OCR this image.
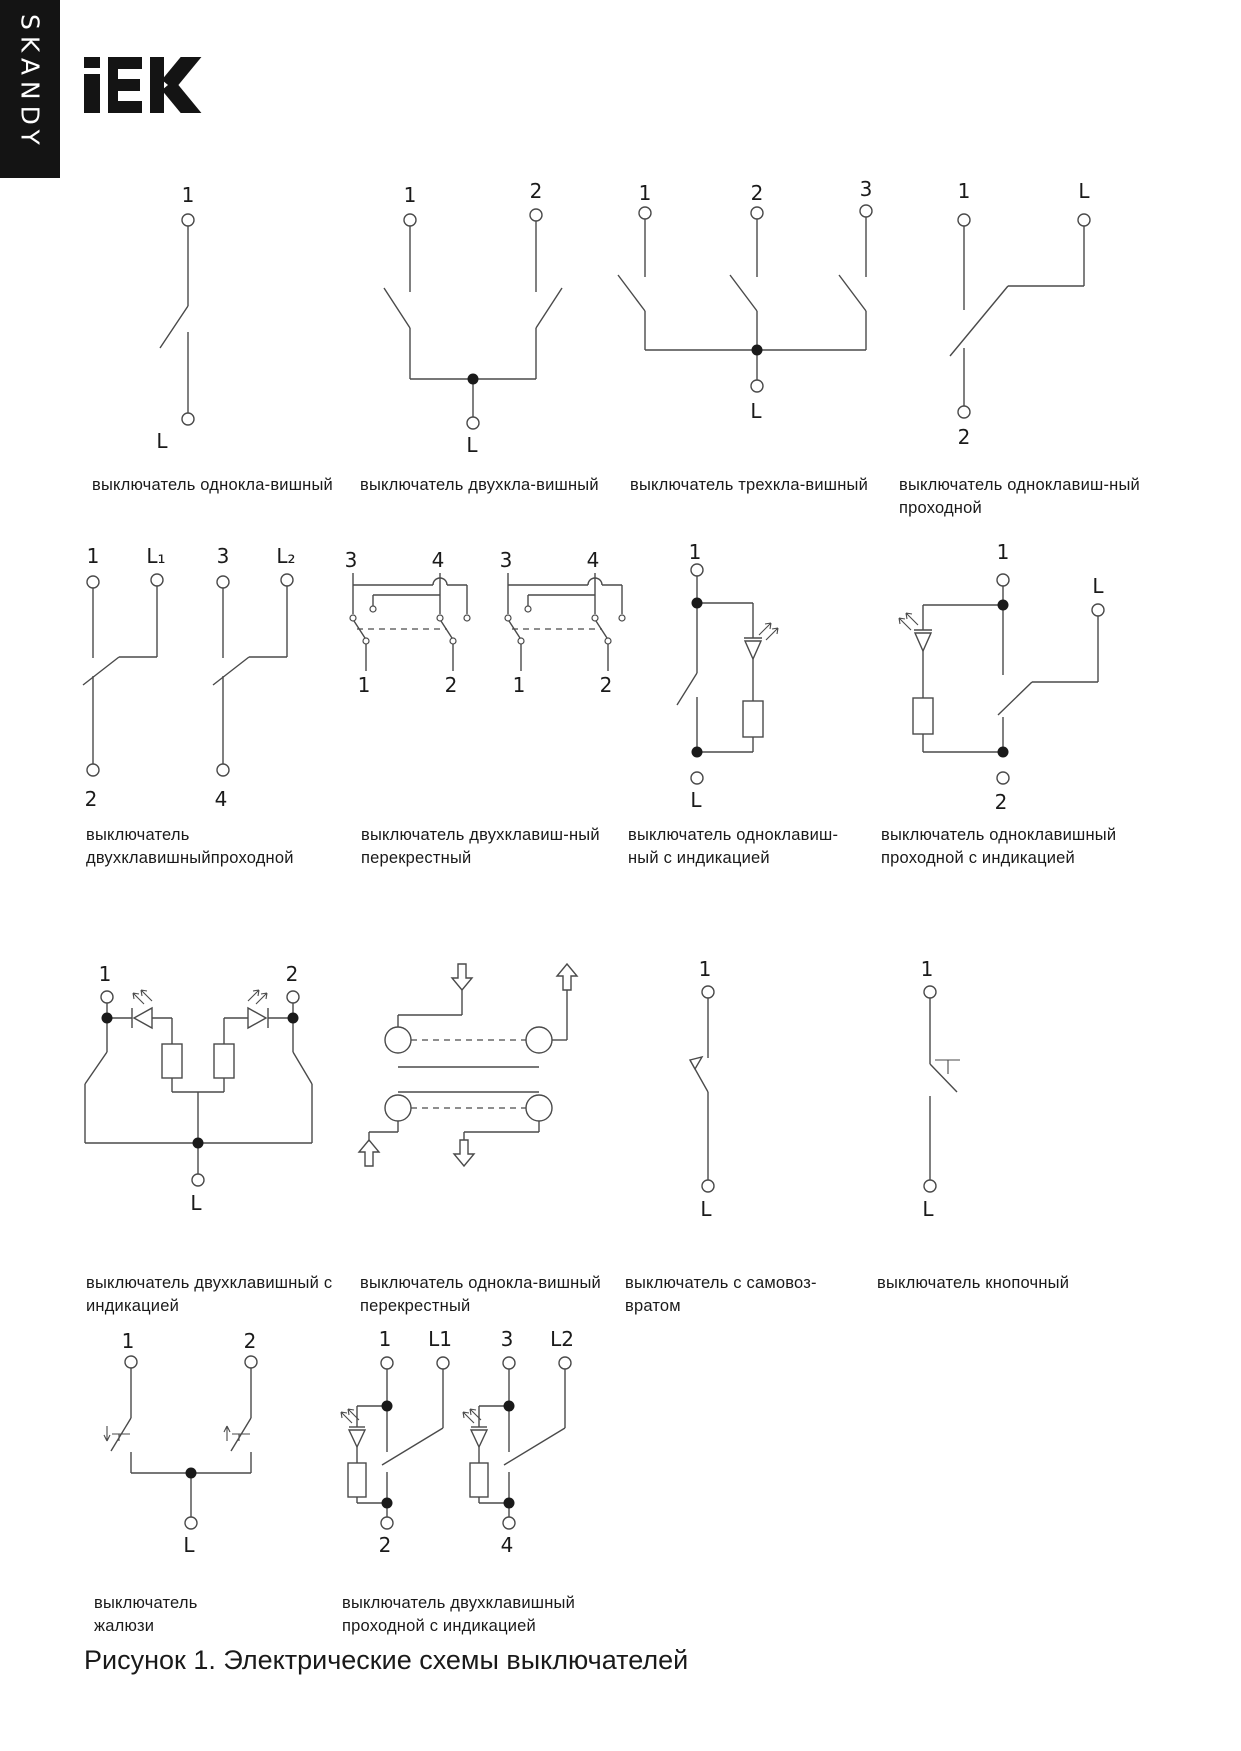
SKANDY
1
L
1	2
L
1	2	3
L
1	L
2
выключатель однокла-вишный выключатель двухкла-вишный выключатель трехкла-вишный выключатель одноклавиш-ный
проходной
1 L₁	3 L₂
2	4
3	4
1	2
3	4
1	2
1
L
1
L
2
выключатель
двухклавишныйпроходной
выключатель двухклавиш-ный
перекрестный
выключатель одноклавиш-
ный с индикацией
выключатель одноклавишный
проходной с индикацией
1	2
L
1
L
1
L
выключатель двухклавишный с
индикацией
выключатель однокла-вишный
перекрестный
выключатель с самовоз-
вратом
выключатель кнопочный
1	2
L
1 L1
2
3 L2
4
выключатель
жалюзи
выключатель двухклавишный
проходной с индикацией
Рисунок 1. Электрические схемы выключателей
